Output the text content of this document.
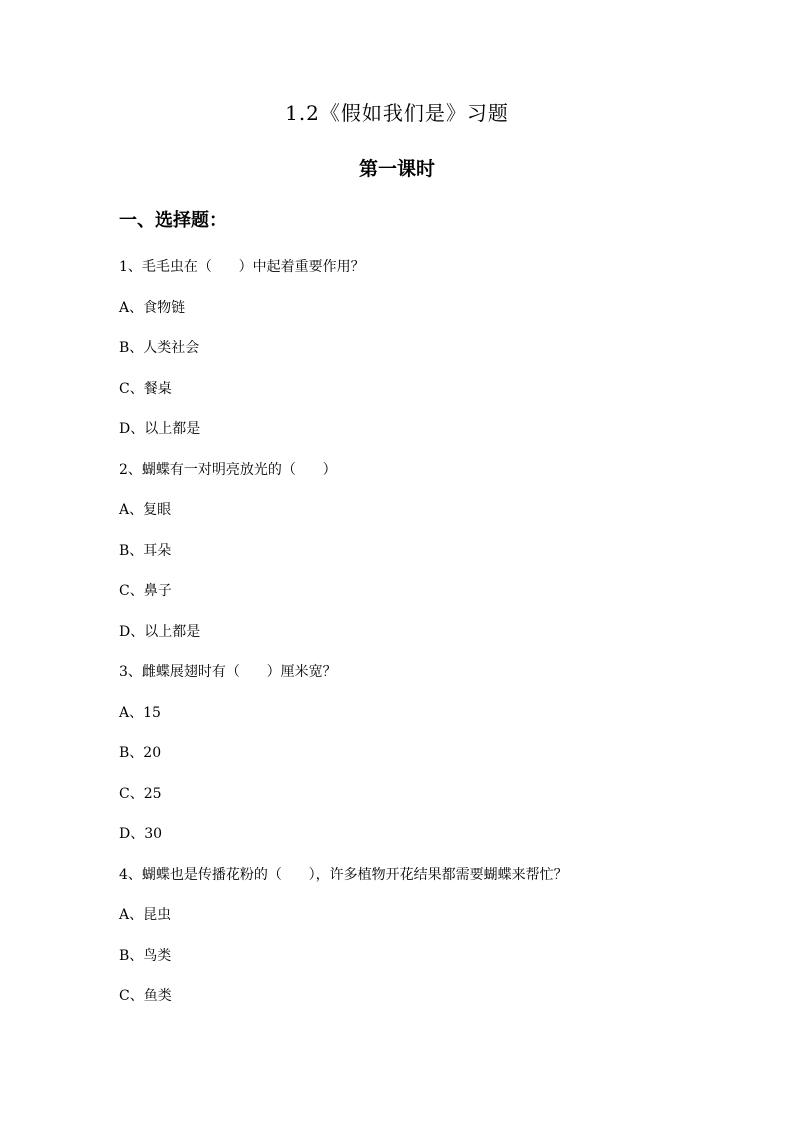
1.2《假如我们是》习题
第一课时
一、选择题：
1、毛毛虫在（      ）中起着重要作用？
A、食物链
B、人类社会
C、餐桌
D、以上都是
2、蝴蝶有一对明亮放光的（      ）
A、复眼
B、耳朵
C、鼻子
D、以上都是
3、雌蝶展翅时有（      ）厘米宽？
A、15
B、20
C、25
D、30
4、蝴蝶也是传播花粉的（      ），许多植物开花结果都需要蝴蝶来帮忙？
A、昆虫
B、鸟类
C、鱼类
